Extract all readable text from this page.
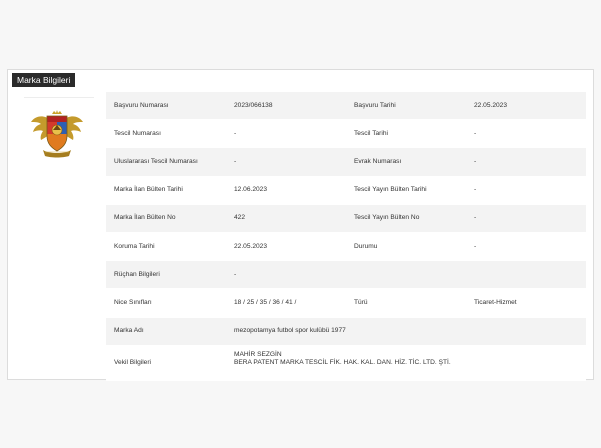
Marka Bilgileri
Başvuru Numarası	2023/066138	Başvuru Tarihi	22.05.2023
Tescil Numarası	-	Tescil Tarihi	-
Uluslararası Tescil Numarası	-	Evrak Numarası	-
Marka İlan Bülten Tarihi	12.06.2023	Tescil Yayın Bülten Tarihi	-
Marka İlan Bülten No	422	Tescil Yayın Bülten No	-
Koruma Tarihi	22.05.2023	Durumu	-
Rüçhan Bilgileri	-		
Nice Sınıfları	18 / 25 / 35 / 36 / 41 /	Türü	Ticaret-Hizmet
Marka Adı	mezopotamya futbol spor kulübü 1977		
Vekil Bilgileri	MAHİR SEZGİN
BERA PATENT MARKA TESCİL FİK. HAK. KAL. DAN. HİZ. TİC. LTD. ŞTİ.		
